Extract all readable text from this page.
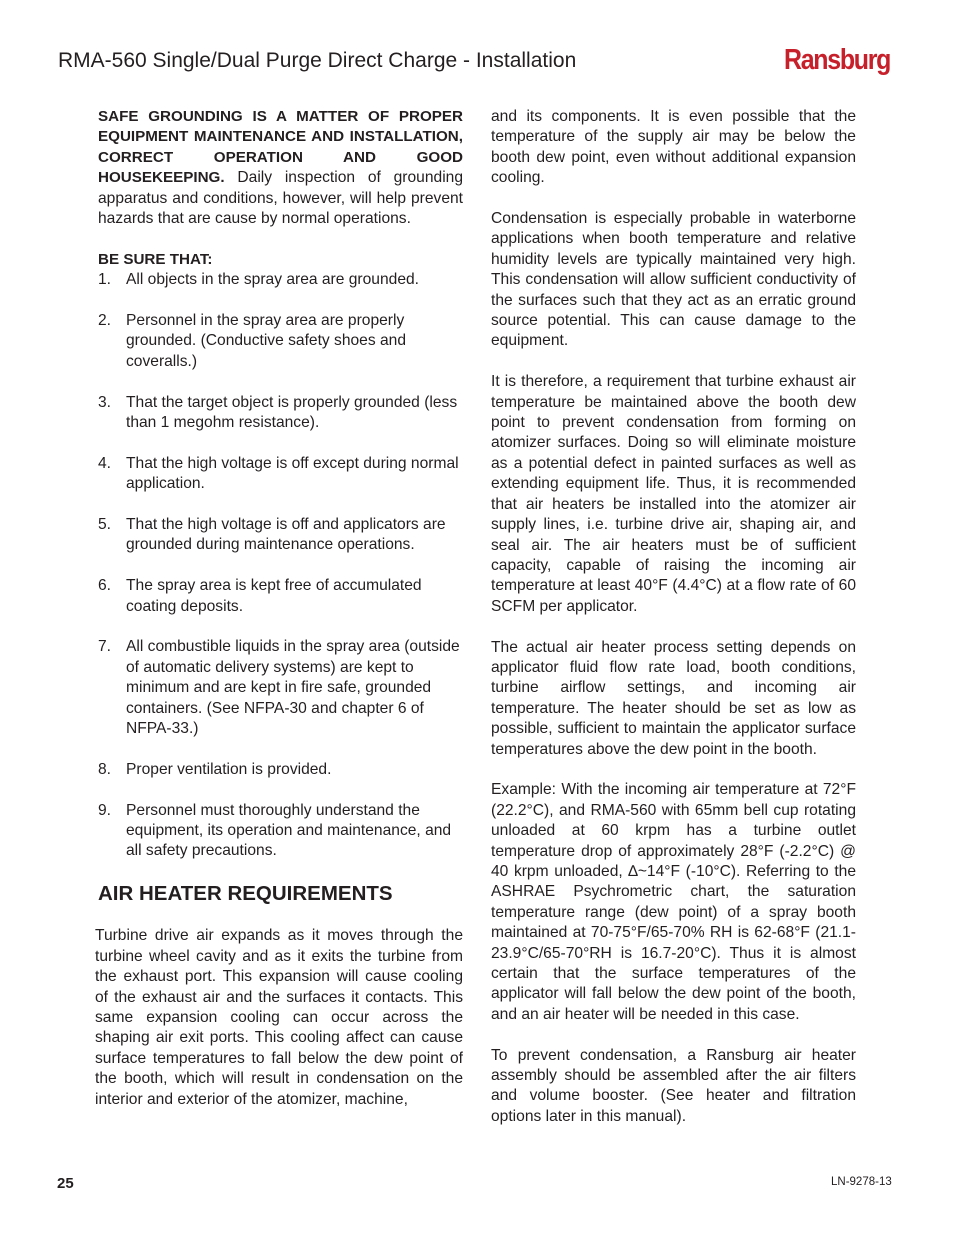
RMA-560 Single/Dual Purge Direct Charge - Installation	Ransburg

SAFE GROUNDING IS A MATTER OF PROPER EQUIPMENT MAINTENANCE AND INSTALLATION, CORRECT OPERATION AND GOOD HOUSEKEEPING. Daily inspection of grounding apparatus and conditions, however, will help prevent hazards that are cause by normal operations.

BE SURE THAT:
1. All objects in the spray area are grounded.
2. Personnel in the spray area are properly grounded. (Conductive safety shoes and coveralls.)
3. That the target object is properly grounded (less than 1 megohm resistance).
4. That the high voltage is off except during normal application.
5. That the high voltage is off and applicators are grounded during maintenance operations.
6. The spray area is kept free of accumulated coating deposits.
7. All combustible liquids in the spray area (outside of automatic delivery systems) are kept to minimum and are kept in fire safe, grounded containers. (See NFPA-30 and chapter 6 of NFPA-33.)
8. Proper ventilation is provided.
9. Personnel must thoroughly understand the equipment, its operation and maintenance, and all safety precautions.
AIR HEATER REQUIREMENTS

Turbine drive air expands as it moves through the turbine wheel cavity and as it exits the turbine from the exhaust port. This expansion will cause cooling of the exhaust air and the surfaces it contacts. This same expansion cooling can occur across the shaping air exit ports. This cooling affect can cause surface temperatures to fall below the dew point of the booth, which will result in condensation on the interior and exterior of the atomizer, machine,

and its components. It is even possible that the temperature of the supply air may be below the booth dew point, even without additional expansion cooling.

Condensation is especially probable in waterborne applications when booth temperature and relative humidity levels are typically maintained very high. This condensation will allow sufficient conductivity of the surfaces such that they act as an erratic ground source potential. This can cause damage to the equipment.

It is therefore, a requirement that turbine exhaust air temperature be maintained above the booth dew point to prevent condensation from forming on atomizer surfaces. Doing so will eliminate moisture as a potential defect in painted surfaces as well as extending equipment life. Thus, it is recommended that air heaters be installed into the atomizer air supply lines, i.e. turbine drive air, shaping air, and seal air. The air heaters must be of sufficient capacity, capable of raising the incoming air temperature at least 40°F (4.4°C) at a flow rate of 60 SCFM per applicator.

The actual air heater process setting depends on applicator fluid flow rate load, booth conditions, turbine airflow settings, and incoming air temperature. The heater should be set as low as possible, sufficient to maintain the applicator surface temperatures above the dew point in the booth.

Example: With the incoming air temperature at 72°F (22.2°C), and RMA-560 with 65mm bell cup rotating unloaded at 60 krpm has a turbine outlet temperature drop of approximately 28°F (-2.2°C) @ 40 krpm unloaded, ∆~14°F (-10°C). Referring to the ASHRAE Psychrometric chart, the saturation temperature range (dew point) of a spray booth maintained at 70-75°F/65-70% RH is 62-68°F (21.1-23.9°C/65-70°RH is 16.7-20°C). Thus it is almost certain that the surface temperatures of the applicator will fall below the dew point of the booth, and an air heater will be needed in this case.

To prevent condensation, a Ransburg air heater assembly should be assembled after the air filters and volume booster. (See heater and filtration options later in this manual).

25	LN-9278-13
